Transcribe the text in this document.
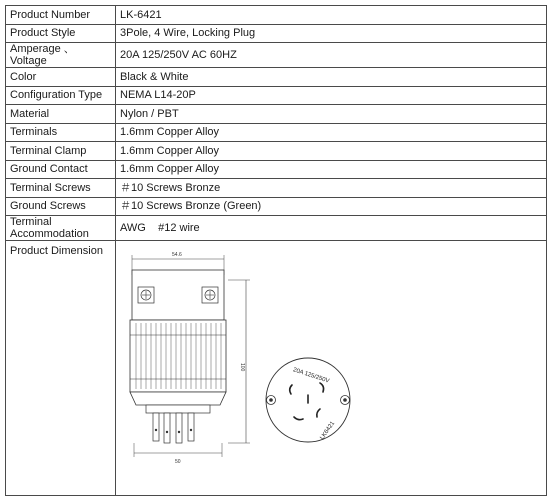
Product Number	LK-6421
Product Style	3Pole, 4 Wire, Locking Plug
Amperage 、Voltage	20A 125/250V AC 60HZ
Color	Black & White
Configuration Type	NEMA L14-20P
Material	Nylon / PBT
Terminals	1.6mm Copper Alloy
Terminal Clamp	1.6mm Copper Alloy
Ground Contact	1.6mm Copper Alloy
Terminal Screws	＃10 Screws Bronze
Ground Screws	＃10 Screws Bronze (Green)
Terminal Accommodation	AWG    #12 wire
Product Dimension	54.6
50
100
20A 125/250V
LK6421
